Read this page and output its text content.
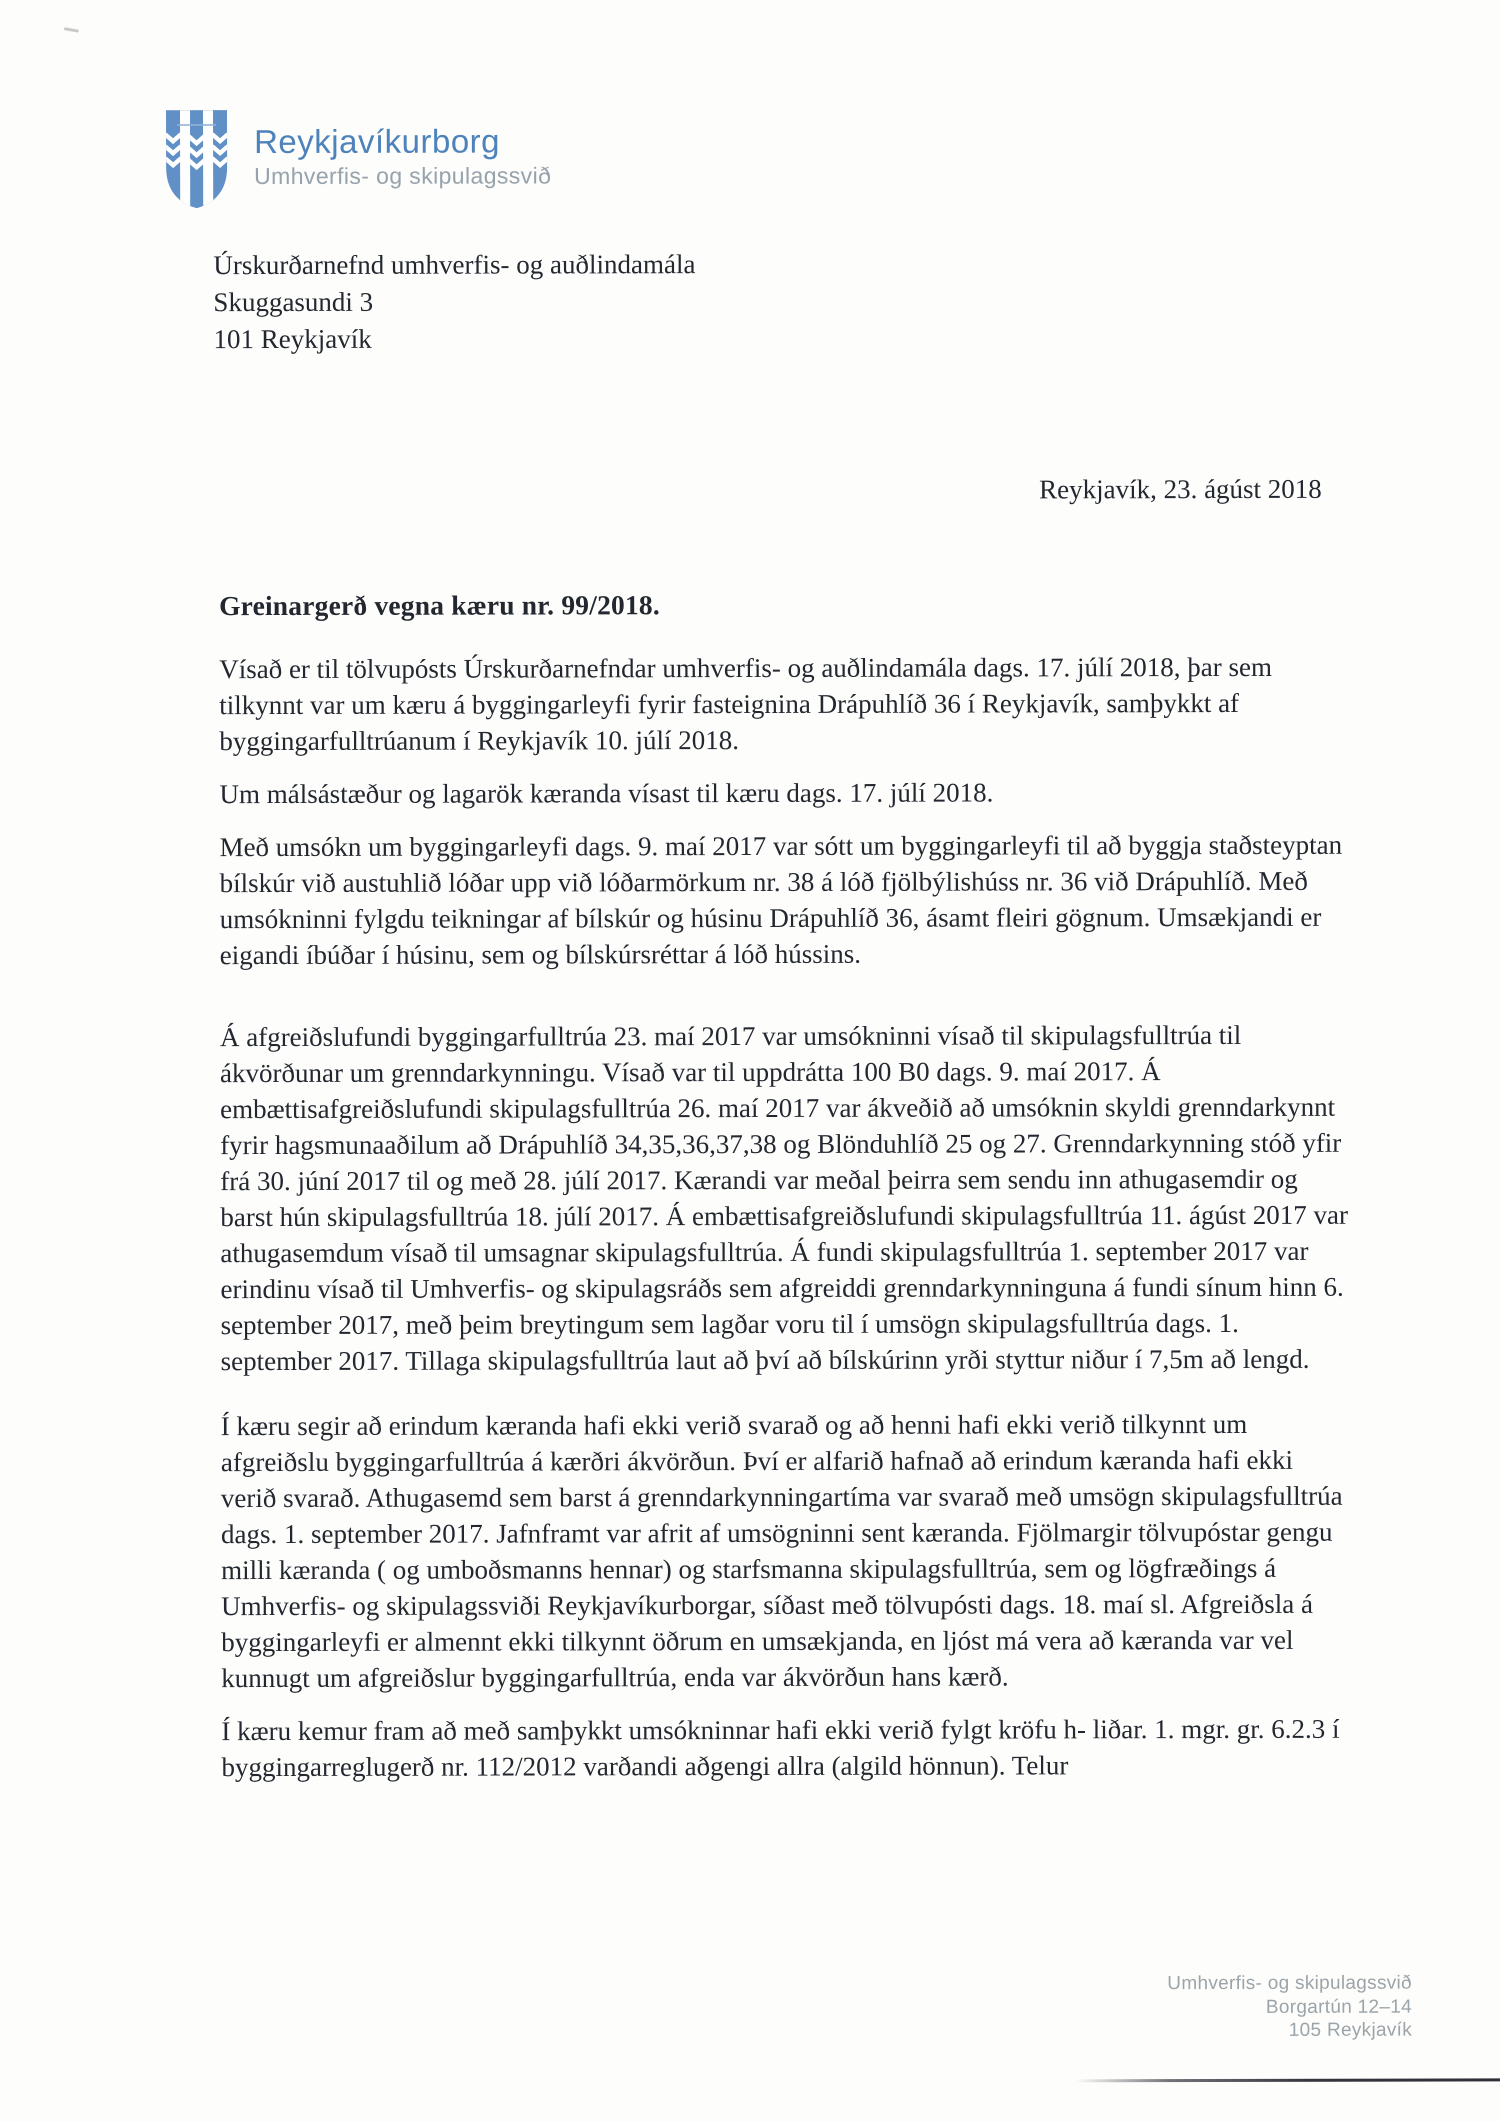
Reykjavíkurborg
Umhverfis- og skipulagssvið
Úrskurðarnefnd umhverfis- og auðlindamála
Skuggasundi 3
101 Reykjavík
Reykjavík, 23. ágúst 2018
Greinargerð vegna kæru nr. 99/2018.

Vísað er til tölvupósts Úrskurðarnefndar umhverfis- og auðlindamála dags. 17. júlí 2018, þar sem tilkynnt var um kæru á byggingarleyfi fyrir fasteignina Drápuhlíð 36 í Reykjavík, samþykkt af byggingarfulltrúanum í Reykjavík 10. júlí 2018.

Um málsástæður og lagarök kæranda vísast til kæru dags. 17. júlí 2018.

Með umsókn um byggingarleyfi dags. 9. maí 2017 var sótt um byggingarleyfi til að byggja staðsteyptan bílskúr við austuhlið lóðar upp við lóðarmörkum nr. 38 á lóð fjölbýlishúss nr. 36 við Drápuhlíð. Með umsókninni fylgdu teikningar af bílskúr og húsinu Drápuhlíð 36, ásamt fleiri gögnum. Umsækjandi er eigandi íbúðar í húsinu, sem og bílskúrsréttar á lóð hússins.

Á afgreiðslufundi byggingarfulltrúa 23. maí 2017 var umsókninni vísað til skipulagsfulltrúa til ákvörðunar um grenndarkynningu. Vísað var til uppdrátta 100 B0 dags. 9. maí 2017. Á embættisafgreiðslufundi skipulagsfulltrúa 26. maí 2017 var ákveðið að umsóknin skyldi grenndarkynnt fyrir hagsmunaaðilum að Drápuhlíð 34,35,36,37,38 og Blönduhlíð 25 og 27. Grenndarkynning stóð yfir frá 30. júní 2017 til og með 28. júlí 2017. Kærandi var meðal þeirra sem sendu inn athugasemdir og barst hún skipulagsfulltrúa 18. júlí 2017. Á embættisafgreiðslufundi skipulagsfulltrúa 11. ágúst 2017 var athugasemdum vísað til umsagnar skipulagsfulltrúa. Á fundi skipulagsfulltrúa 1. september 2017 var erindinu vísað til Umhverfis- og skipulagsráðs sem afgreiddi grenndarkynninguna á fundi sínum hinn 6. september 2017, með þeim breytingum sem lagðar voru til í umsögn skipulagsfulltrúa dags. 1. september 2017. Tillaga skipulagsfulltrúa laut að því að bílskúrinn yrði styttur niður í 7,5m að lengd.

Í kæru segir að erindum kæranda hafi ekki verið svarað og að henni hafi ekki verið tilkynnt um afgreiðslu byggingarfulltrúa á kærðri ákvörðun. Því er alfarið hafnað að erindum kæranda hafi ekki verið svarað. Athugasemd sem barst á grenndarkynningartíma var svarað með umsögn skipulagsfulltrúa dags. 1. september 2017. Jafnframt var afrit af umsögninni sent kæranda. Fjölmargir tölvupóstar gengu milli kæranda ( og umboðsmanns hennar) og starfsmanna skipulagsfulltrúa, sem og lögfræðings á Umhverfis- og skipulagssviði Reykjavíkurborgar, síðast með tölvupósti dags. 18. maí sl. Afgreiðsla á byggingarleyfi er almennt ekki tilkynnt öðrum en umsækjanda, en ljóst má vera að kæranda var vel kunnugt um afgreiðslur byggingarfulltrúa, enda var ákvörðun hans kærð.

Í kæru kemur fram að með samþykkt umsókninnar hafi ekki verið fylgt kröfu h- liðar. 1. mgr. gr. 6.2.3 í byggingarreglugerð nr. 112/2012 varðandi aðgengi allra (algild hönnun). Telur

Umhverfis- og skipulagssvið
Borgartún 12–14
105 Reykjavík
